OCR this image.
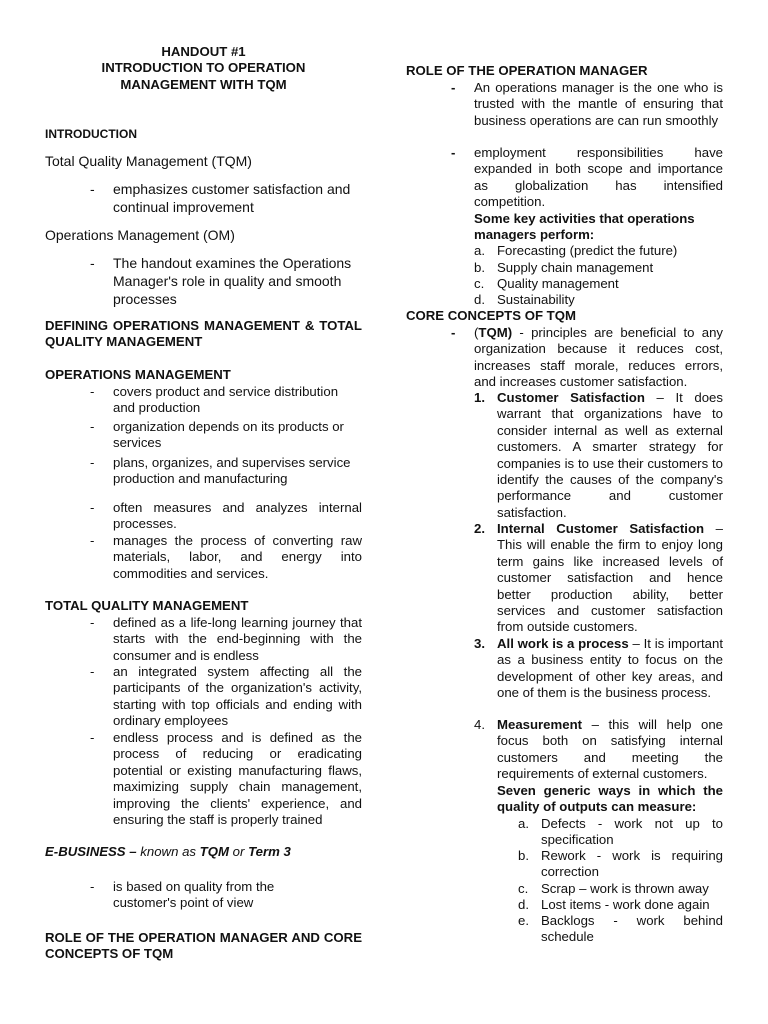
HANDOUT #1
INTRODUCTION TO OPERATION
MANAGEMENT WITH TQM
INTRODUCTION
Total Quality Management (TQM)
-	emphasizes customer satisfaction and continual improvement
Operations Management (OM)
-	The handout examines the Operations Manager's role in quality and smooth processes
DEFINING OPERATIONS MANAGEMENT & TOTAL QUALITY MANAGEMENT
OPERATIONS MANAGEMENT
-	covers product and service distribution and production
-	organization depends on its products or services
-	plans, organizes, and supervises service production and manufacturing
-	often measures and analyzes internal processes.
-	manages the process of converting raw materials, labor, and energy into commodities and services.
TOTAL QUALITY MANAGEMENT
-	defined as a life-long learning journey that starts with the end-beginning with the consumer and is endless
-	an integrated system affecting all the participants of the organization's activity, starting with top officials and ending with ordinary employees
-	endless process and is defined as the process of reducing or eradicating potential or existing manufacturing flaws, maximizing supply chain management, improving the clients' experience, and ensuring the staff is properly trained
E-BUSINESS – known as TQM or Term 3
-	is based on quality from the customer's point of view
ROLE OF THE OPERATION MANAGER AND CORE CONCEPTS OF TQM
ROLE OF THE OPERATION MANAGER
-	An operations manager is the one who is trusted with the mantle of ensuring that business operations are can run smoothly
-	employment responsibilities have expanded in both scope and importance as globalization has intensified competition.
Some key activities that operations managers perform:
a. Forecasting (predict the future)
b. Supply chain management
c. Quality management
d. Sustainability
CORE CONCEPTS OF TQM
-	(TQM) - principles are beneficial to any organization because it reduces cost, increases staff morale, reduces errors, and increases customer satisfaction.
1. Customer Satisfaction – It does warrant that organizations have to consider internal as well as external customers. A smarter strategy for companies is to use their customers to identify the causes of the company's performance and customer satisfaction.
2. Internal Customer Satisfaction – This will enable the firm to enjoy long term gains like increased levels of customer satisfaction and hence better production ability, better services and customer satisfaction from outside customers.
3. All work is a process – It is important as a business entity to focus on the development of other key areas, and one of them is the business process.
4. Measurement – this will help one focus both on satisfying internal customers and meeting the requirements of external customers.
Seven generic ways in which the quality of outputs can measure:
a. Defects - work not up to specification
b. Rework - work is requiring correction
c. Scrap – work is thrown away
d. Lost items - work done again
e. Backlogs - work behind schedule
